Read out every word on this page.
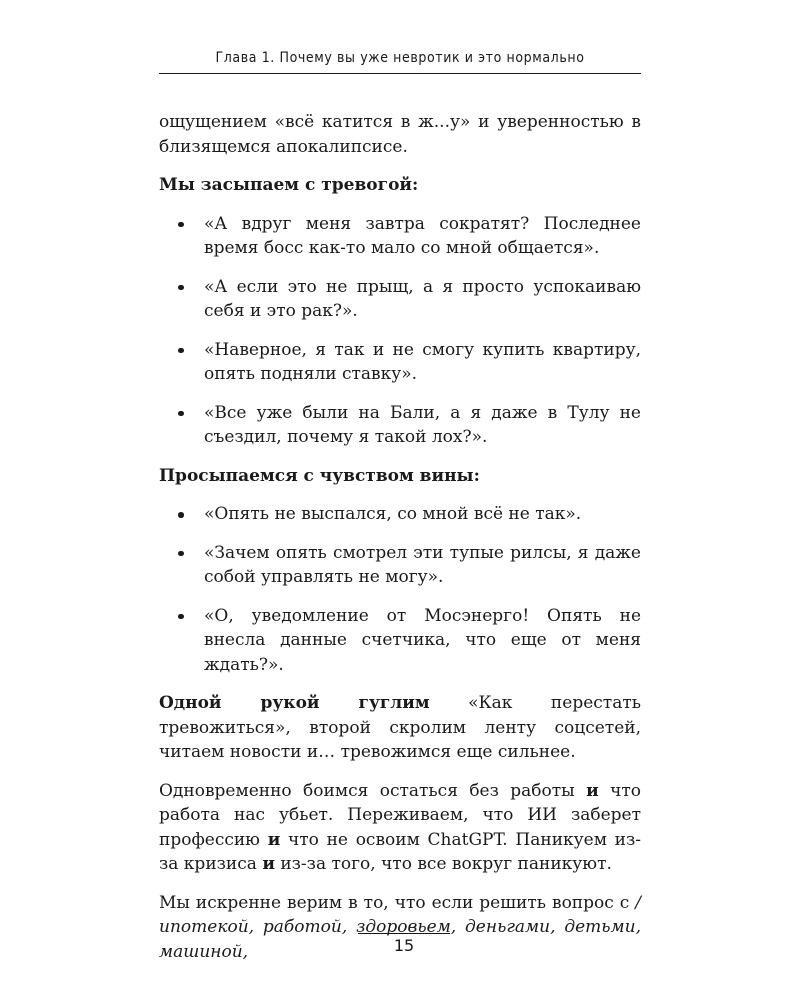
Глава 1. Почему вы уже невротик и это нормально

ощущением «всё катится в ж...у» и уверенностью в близящемся апокалипсисе.

Мы засыпаем с тревогой:

«А вдруг меня завтра сократят? Последнее время босс как-то мало со мной общается».
«А если это не прыщ, а я просто успокаиваю себя и это рак?».
«Наверное, я так и не смогу купить квартиру, опять подняли ставку».
«Все уже были на Бали, а я даже в Тулу не съездил, почему я такой лох?».

Просыпаемся с чувством вины:

«Опять не выспался, со мной всё не так».
«Зачем опять смотрел эти тупые рилсы, я даже собой управлять не могу».
«О, уведомление от Мосэнерго! Опять не внесла данные счетчика, что еще от меня ждать?».

Одной рукой гуглим «Как перестать тревожиться», второй скролим ленту соцсетей, читаем новости и… тревожимся еще сильнее.

Одновременно боимся остаться без работы и что работа нас убьет. Переживаем, что ИИ заберет профессию и что не освоим ChatGPT. Паникуем из-за кризиса и из-за того, что все вокруг паникуют.

Мы искренне верим в то, что если решить вопрос с /ипотекой, работой, здоровьем, деньгами, детьми, машиной,	15
